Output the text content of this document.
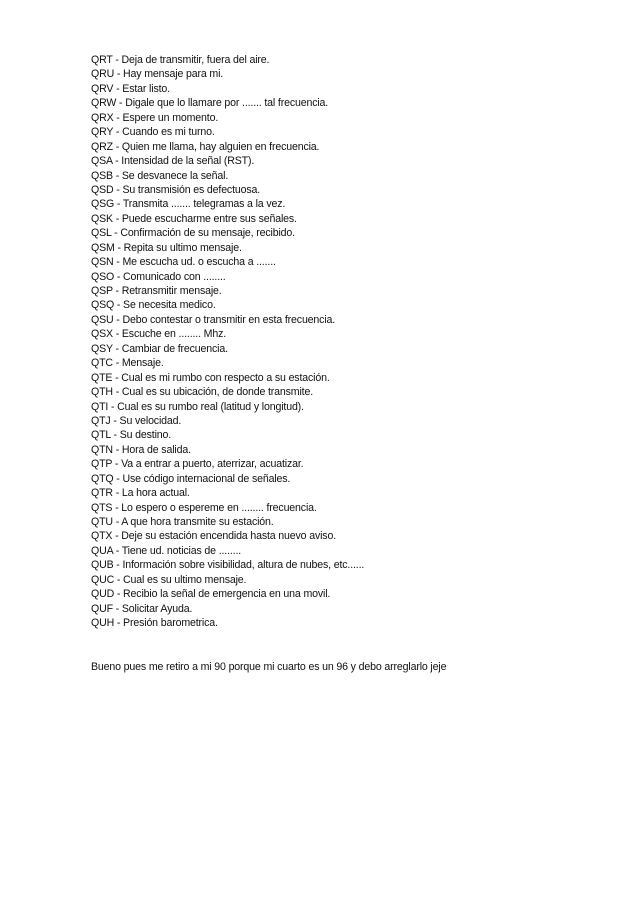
QRT - Deja de transmitir, fuera del aire.
QRU - Hay mensaje para mi.
QRV - Estar listo.
QRW - Digale que lo llamare por ....... tal frecuencia.
QRX - Espere un momento.
QRY - Cuando es mi turno.
QRZ - Quien me llama, hay alguien en frecuencia.
QSA - Intensidad de la señal (RST).
QSB - Se desvanece la señal.
QSD - Su transmisión es defectuosa.
QSG - Transmita ....... telegramas a la vez.
QSK - Puede escucharme entre sus señales.
QSL - Confirmación de su mensaje, recibido.
QSM - Repita su ultimo mensaje.
QSN - Me escucha ud. o escucha a .......
QSO - Comunicado con ........
QSP - Retransmitir mensaje.
QSQ - Se necesita medico.
QSU - Debo contestar o transmitir en esta frecuencia.
QSX - Escuche en ........ Mhz.
QSY - Cambiar de frecuencia.
QTC - Mensaje.
QTE - Cual es mi rumbo con respecto a su estación.
QTH - Cual es su ubicación, de donde transmite.
QTI - Cual es su rumbo real (latitud y longitud).
QTJ - Su velocidad.
QTL - Su destino.
QTN - Hora de salida.
QTP - Va a entrar a puerto, aterrizar, acuatizar.
QTQ - Use código internacional de señales.
QTR - La hora actual.
QTS - Lo espero o espereme en ........ frecuencia.
QTU - A que hora transmite su estación.
QTX - Deje su estación encendida hasta nuevo aviso.
QUA - Tiene ud. noticias de ........
QUB - Información sobre visibilidad, altura de nubes, etc......
QUC - Cual es su ultimo mensaje.
QUD - Recibio la señal de emergencia en una movil.
QUF - Solicitar Ayuda.
QUH - Presión barometrica.
Bueno pues me retiro a mi 90 porque mi cuarto es un 96 y debo arreglarlo jeje
